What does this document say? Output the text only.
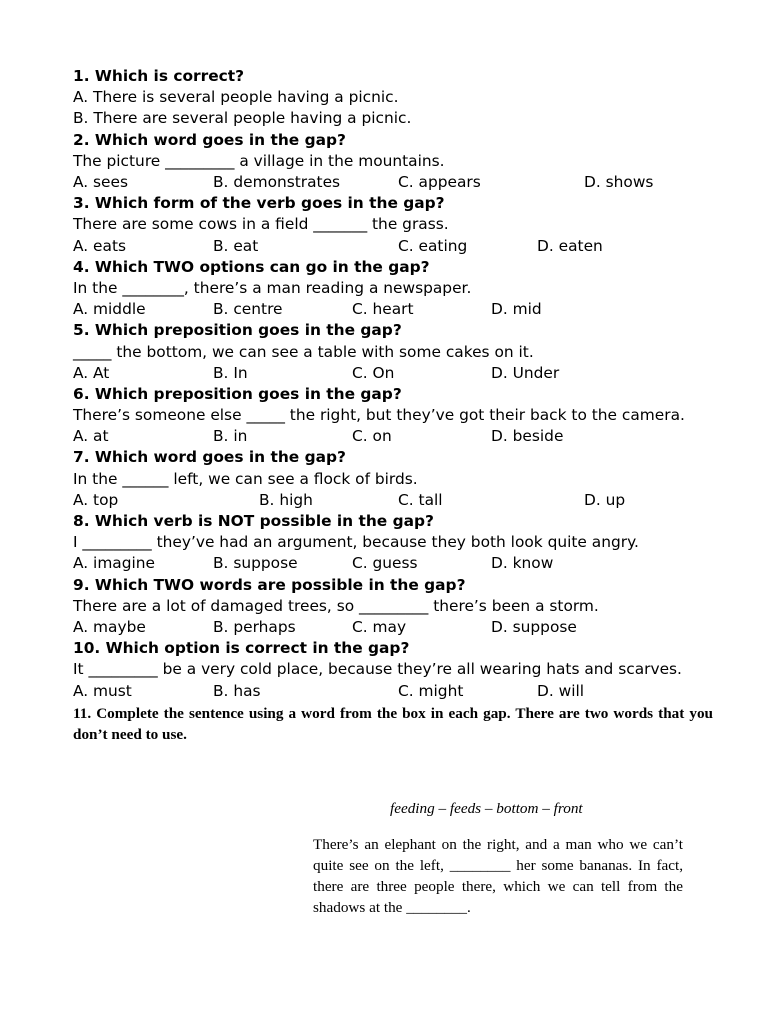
1. Which is correct?
A. There is several people having a picnic.
B. There are several people having a picnic.
2. Which word goes in the gap?
The picture _________ a village in the mountains.
A. sees	B. demonstrates	C. appears	D. shows
3. Which form of the verb goes in the gap?
There are some cows in a field _______ the grass.
A. eats	B. eat	C. eating	D. eaten
4. Which TWO options can go in the gap?
In the ________, there’s a man reading a newspaper.
A. middle	B. centre	C. heart	D. mid
5. Which preposition goes in the gap?
_____ the bottom, we can see a table with some cakes on it.
A. At	B. In	C. On	D. Under
6. Which preposition goes in the gap?
There’s someone else _____ the right, but they’ve got their back to the camera.
A. at	B. in	C. on	D. beside
7. Which word goes in the gap?
In the ______ left, we can see a flock of birds.
A. top	B. high	C. tall	D. up
8. Which verb is NOT possible in the gap?
I _________ they’ve had an argument, because they both look quite angry.
A. imagine	B. suppose	C. guess	D. know
9. Which TWO words are possible in the gap?
There are a lot of damaged trees, so _________ there’s been a storm.
A. maybe	B. perhaps	C. may	D. suppose
10. Which option is correct in the gap?
It _________ be a very cold place, because they’re all wearing hats and scarves.
A. must	B. has	C. might	D. will
11. Complete the sentence using a word from the box in each gap. There are two words that you don’t need to use.
feeding – feeds – bottom – front
There’s an elephant on the right, and a man who we can’t quite see on the left, ________ her some bananas. In fact, there are three people there, which we can tell from the shadows at the ________.
